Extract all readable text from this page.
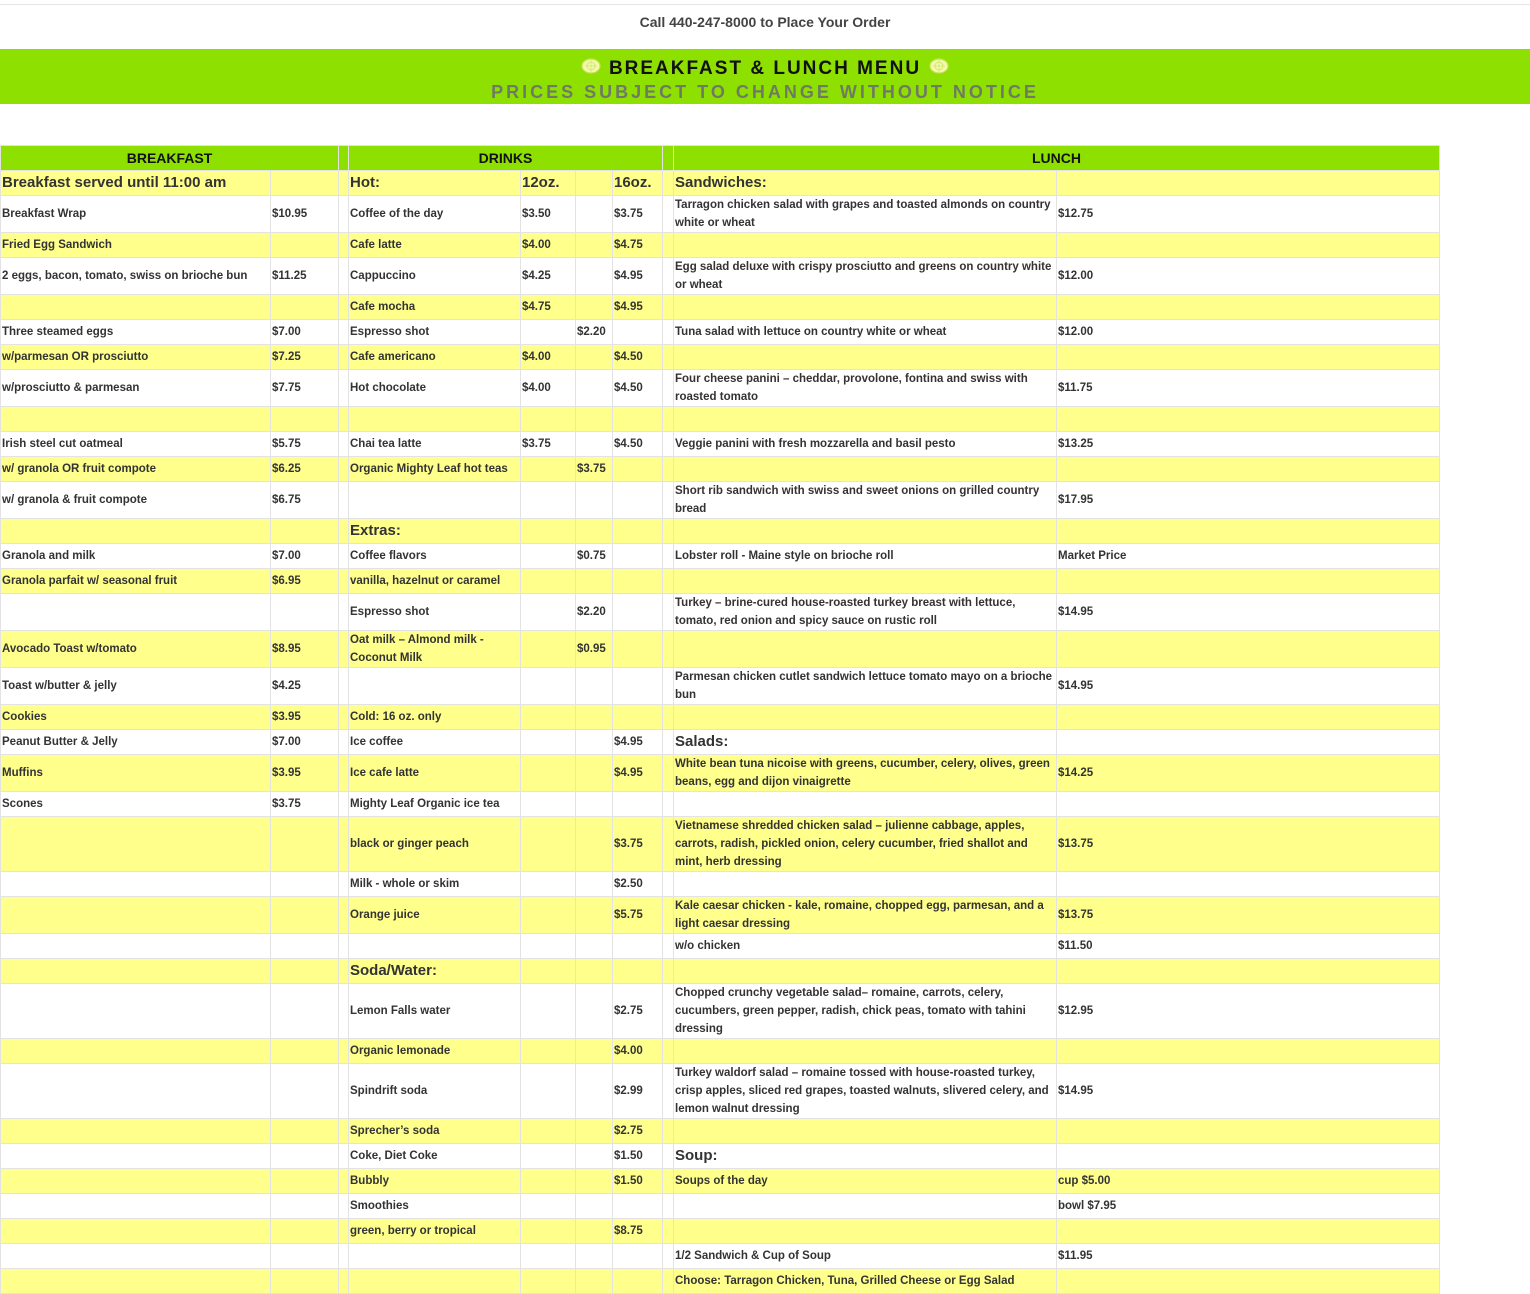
Call 440-247-8000 to Place Your Order
BREAKFAST & LUNCH MENU
PRICES SUBJECT TO CHANGE WITHOUT NOTICE
BREAKFAST			DRINKS					LUNCH	
Breakfast served until 11:00 am			Hot:	12oz.		16oz.		Sandwiches:	
Breakfast Wrap	$10.95		Coffee of the day	$3.50		$3.75		Tarragon chicken salad with grapes and toasted almonds on country white or wheat	$12.75
Fried Egg Sandwich			Cafe latte	$4.00		$4.75			
2 eggs, bacon, tomato, swiss on brioche bun	$11.25		Cappuccino	$4.25		$4.95		Egg salad deluxe with crispy prosciutto and greens on country white or wheat	$12.00
			Cafe mocha	$4.75		$4.95			
Three steamed eggs	$7.00		Espresso shot		$2.20			Tuna salad with lettuce on country white or wheat	$12.00
w/parmesan OR prosciutto	$7.25		Cafe americano	$4.00		$4.50			
w/prosciutto & parmesan	$7.75		Hot chocolate	$4.00		$4.50		Four cheese panini – cheddar, provolone, fontina and swiss with roasted tomato	$11.75

Irish steel cut oatmeal	$5.75		Chai tea latte	$3.75		$4.50		Veggie panini with fresh mozzarella and basil pesto	$13.25
w/ granola OR fruit compote	$6.25		Organic Mighty Leaf hot teas		$3.75				
w/ granola & fruit compote	$6.75							Short rib sandwich with swiss and sweet onions on grilled country bread	$17.95
			Extras:						
Granola and milk	$7.00		Coffee flavors		$0.75			Lobster roll - Maine style on brioche roll	Market Price
Granola parfait w/ seasonal fruit	$6.95		vanilla, hazelnut or caramel						
			Espresso shot		$2.20			Turkey – brine-cured house-roasted turkey breast with lettuce, tomato, red onion and spicy sauce on rustic roll	$14.95
Avocado Toast w/tomato	$8.95		Oat milk – Almond milk - Coconut Milk		$0.95				
Toast w/butter & jelly	$4.25							Parmesan chicken cutlet sandwich lettuce tomato mayo on a brioche bun	$14.95
Cookies	$3.95		Cold: 16 oz. only						
Peanut Butter & Jelly	$7.00		Ice coffee			$4.95		Salads:	
Muffins	$3.95		Ice cafe latte			$4.95		White bean tuna nicoise with greens, cucumber, celery, olives, green beans, egg and dijon vinaigrette	$14.25
Scones	$3.75		Mighty Leaf Organic ice tea						
			black or ginger peach			$3.75		Vietnamese shredded chicken salad – julienne cabbage, apples, carrots, radish, pickled onion, celery cucumber, fried shallot and mint, herb dressing	$13.75
			Milk - whole or skim			$2.50			
			Orange juice			$5.75		Kale caesar chicken - kale, romaine, chopped egg, parmesan, and a light caesar dressing	$13.75
								w/o chicken	$11.50
			Soda/Water:						
			Lemon Falls water			$2.75		Chopped crunchy vegetable salad– romaine, carrots, celery, cucumbers, green pepper, radish, chick peas, tomato with tahini dressing	$12.95
			Organic lemonade			$4.00			
			Spindrift soda			$2.99		Turkey waldorf salad – romaine tossed with house-roasted turkey, crisp apples, sliced red grapes, toasted walnuts, slivered celery, and lemon walnut dressing	$14.95
			Sprecher’s soda			$2.75			
			Coke, Diet Coke			$1.50		Soup:	
			Bubbly			$1.50		Soups of the day	cup $5.00
			Smoothies						bowl $7.95
			green, berry or tropical			$8.75			
								1/2 Sandwich & Cup of Soup	$11.95
								Choose: Tarragon Chicken, Tuna, Grilled Cheese or Egg Salad	
